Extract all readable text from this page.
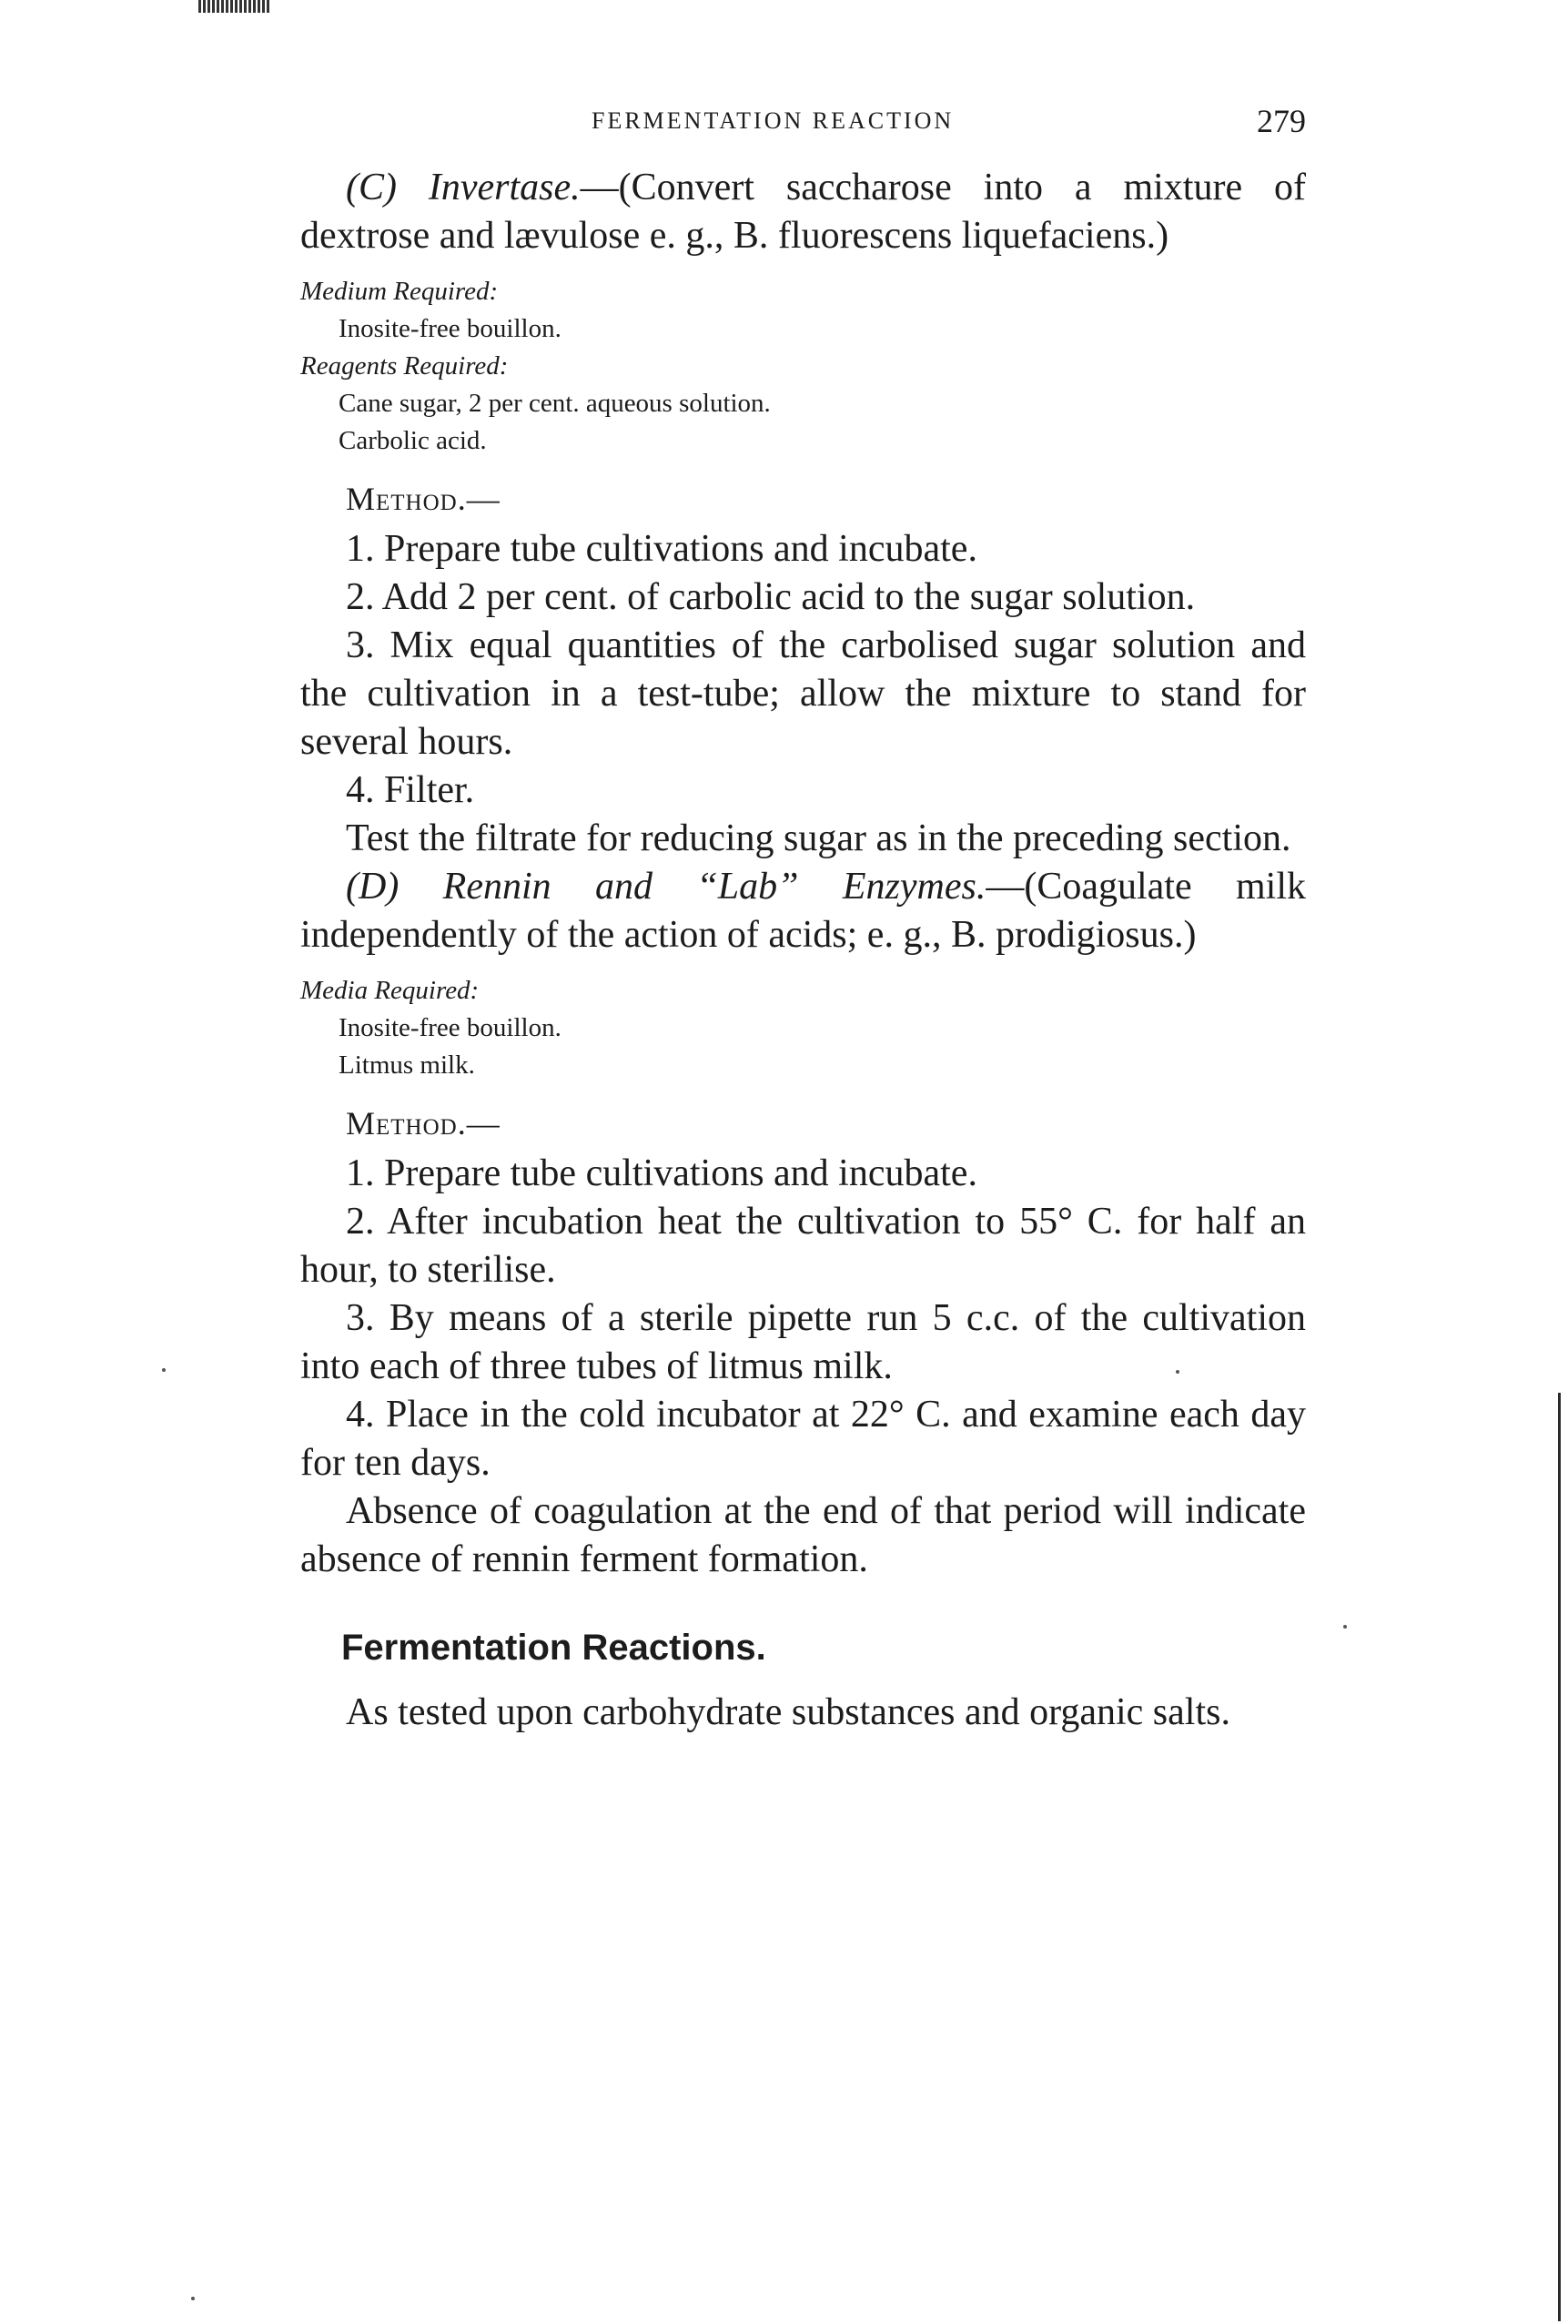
FERMENTATION REACTION	279

(C) Invertase.—(Convert saccharose into a mixture of dextrose and lævulose e. g., B. fluorescens liquefaciens.)

Medium Required:
Inosite-free bouillon.
Reagents Required:
Cane sugar, 2 per cent. aqueous solution.
Carbolic acid.
Method.—

1. Prepare tube cultivations and incubate.

2. Add 2 per cent. of carbolic acid to the sugar solution.

3. Mix equal quantities of the carbolised sugar solution and the cultivation in a test-tube; allow the mixture to stand for several hours.

4. Filter.

Test the filtrate for reducing sugar as in the preceding section.

(D) Rennin and “Lab” Enzymes.—(Coagulate milk independently of the action of acids; e. g., B. prodigiosus.)

Media Required:
Inosite-free bouillon.
Litmus milk.
Method.—

1. Prepare tube cultivations and incubate.

2. After incubation heat the cultivation to 55° C. for half an hour, to sterilise.

3. By means of a sterile pipette run 5 c.c. of the cultivation into each of three tubes of litmus milk.

4. Place in the cold incubator at 22° C. and examine each day for ten days.

Absence of coagulation at the end of that period will indicate absence of rennin ferment formation.

Fermentation Reactions.

As tested upon carbohydrate substances and organic salts.
